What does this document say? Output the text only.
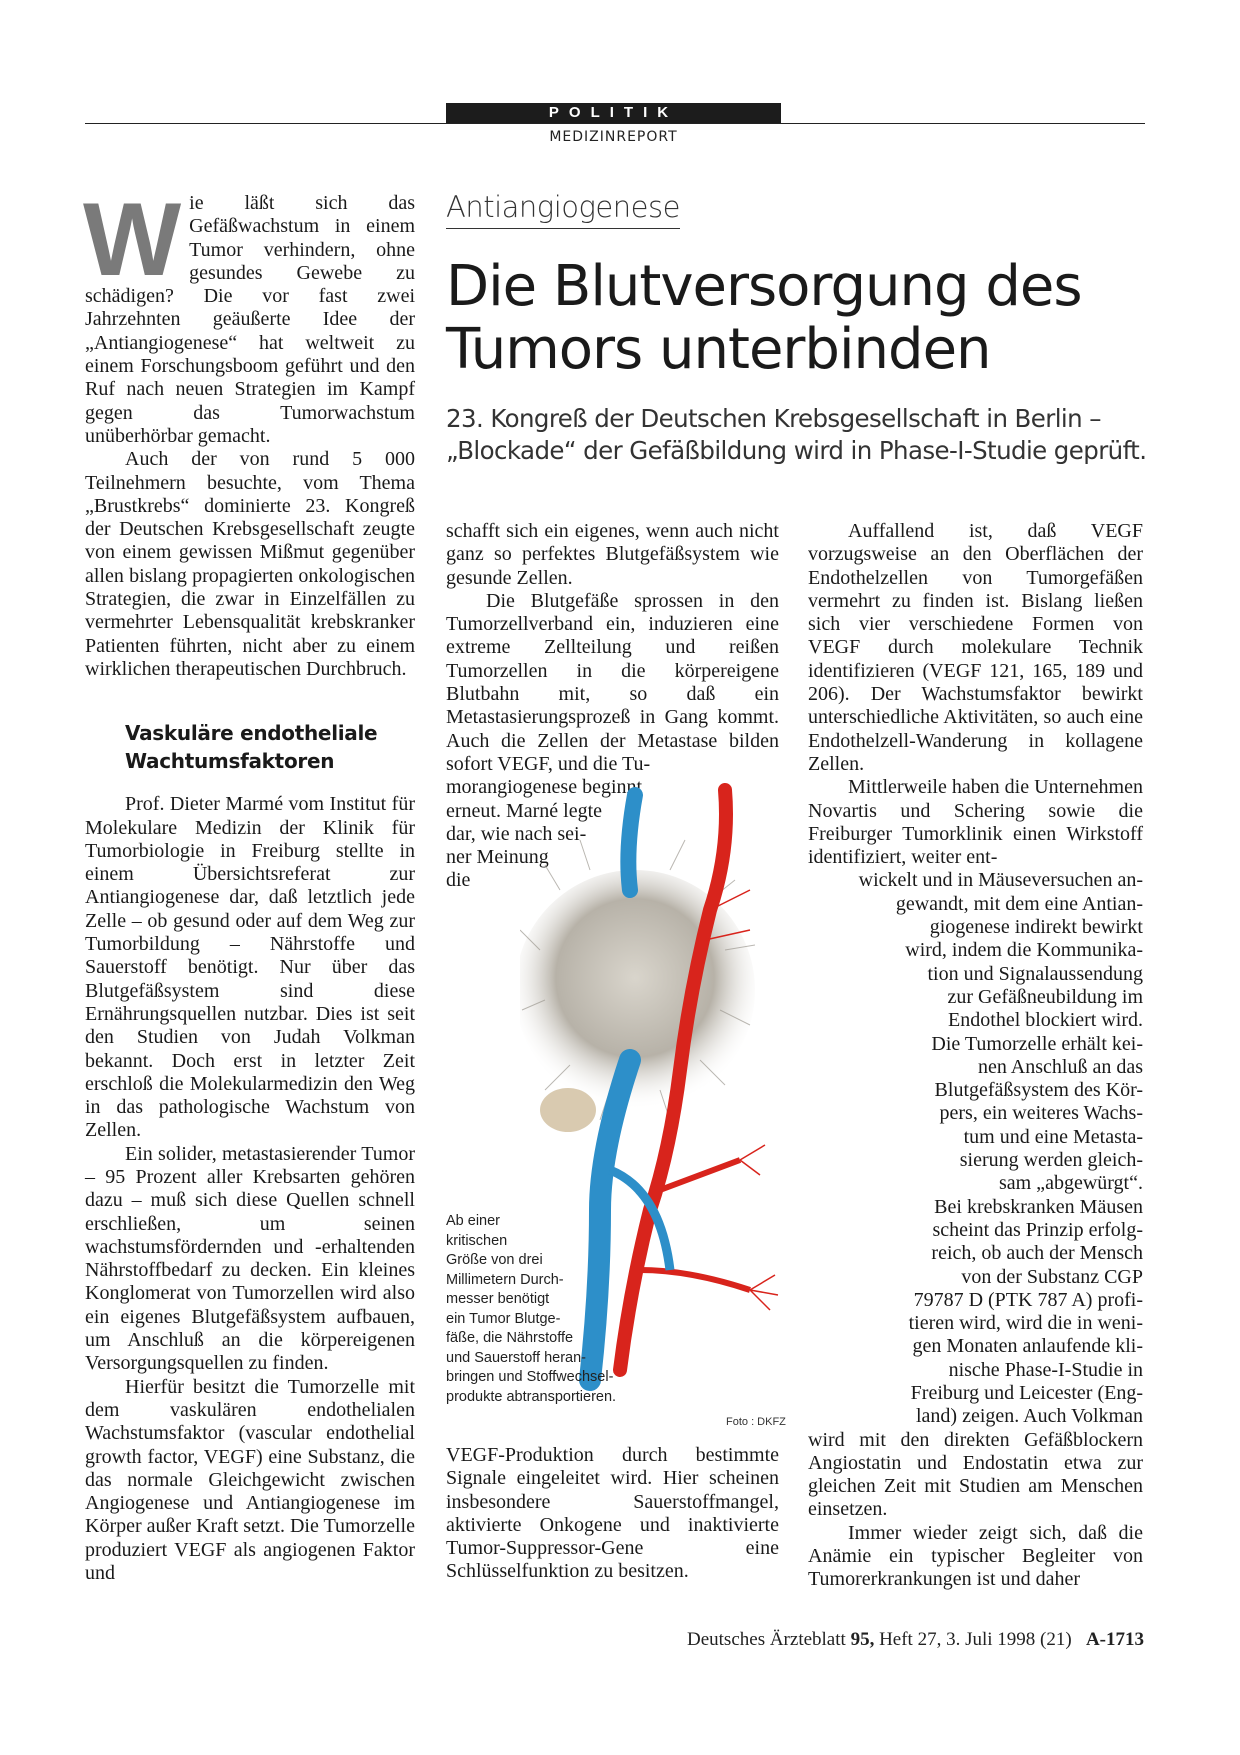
POLITIK
MEDIZINREPORT
Antiangiogenese
Die Blutversorgung des
Tumors unterbinden
23. Kongreß der Deutschen Krebsgesellschaft in Berlin –
„Blockade“ der Gefäßbildung wird in Phase-I-Studie geprüft.

Wie läßt sich das Gefäßwachstum in einem Tumor verhindern, ohne gesundes Gewebe zu schädigen? Die vor fast zwei Jahrzehnten geäußerte Idee der „Antiangiogenese“ hat weltweit zu einem Forschungsboom geführt und den Ruf nach neuen Strategien im Kampf gegen das Tumorwachstum unüberhörbar gemacht.

Auch der von rund 5 000 Teilnehmern besuchte, vom Thema „Brustkrebs“ dominierte 23. Kongreß der Deutschen Krebsgesellschaft zeugte von einem gewissen Mißmut gegenüber allen bislang propagierten onkologischen Strategien, die zwar in Einzelfällen zu vermehrter Lebensqualität krebskranker Patienten führten, nicht aber zu einem wirklichen therapeutischen Durchbruch.

Vaskuläre endotheliale
Wachtumsfaktoren

Prof. Dieter Marmé vom Institut für Molekulare Medizin der Klinik für Tumorbiologie in Freiburg stellte in einem Übersichtsreferat zur Antiangiogenese dar, daß letztlich jede Zelle – ob gesund oder auf dem Weg zur Tumorbildung – Nährstoffe und Sauerstoff benötigt. Nur über das Blutgefäßsystem sind diese Ernährungsquellen nutzbar. Dies ist seit den Studien von Judah Volkman bekannt. Doch erst in letzter Zeit erschloß die Molekularmedizin den Weg in das pathologische Wachstum von Zellen.

Ein solider, metastasierender Tumor – 95 Prozent aller Krebsarten gehören dazu – muß sich diese Quellen schnell erschließen, um seinen wachstumsfördernden und -erhaltenden Nährstoffbedarf zu decken. Ein kleines Konglomerat von Tumorzellen wird also ein eigenes Blutgefäßsystem aufbauen, um Anschluß an die körpereigenen Versorgungsquellen zu finden.

Hierfür besitzt die Tumorzelle mit dem vaskulären endothelialen Wachstumsfaktor (vascular endothelial growth factor, VEGF) eine Substanz, die das normale Gleichgewicht zwischen Angiogenese und Antiangiogenese im Körper außer Kraft setzt. Die Tumorzelle produziert VEGF als angiogenen Faktor und

schafft sich ein eigenes, wenn auch nicht ganz so perfektes Blutgefäßsystem wie gesunde Zellen.

Die Blutgefäße sprossen in den Tumorzellverband ein, induzieren eine extreme Zellteilung und reißen Tumorzellen in die körpereigene Blutbahn mit, so daß ein Metastasierungsprozeß in Gang kommt. Auch die Zellen der Metastase bilden sofort VEGF, und die Tu-

morangiogenese beginnt
erneut. Marné legte
dar, wie nach sei-
ner Meinung
die
Ab einer
kritischen
Größe von drei
Millimetern Durch-
messer benötigt
ein Tumor Blutge-
fäße, die Nährstoffe
und Sauerstoff heran-
bringen und Stoffwechsel-
produkte abtransportieren.
Foto : DKFZ

VEGF-Produktion durch bestimmte Signale eingeleitet wird. Hier scheinen insbesondere Sauerstoffmangel, aktivierte Onkogene und inaktivierte Tumor-Suppressor-Gene eine Schlüsselfunktion zu besitzen.

Auffallend ist, daß VEGF vorzugsweise an den Oberflächen der Endothelzellen von Tumorgefäßen vermehrt zu finden ist. Bislang ließen sich vier verschiedene Formen von VEGF durch molekulare Technik identifizieren (VEGF 121, 165, 189 und 206). Der Wachstumsfaktor bewirkt unterschiedliche Aktivitäten, so auch eine Endothelzell-Wanderung in kollagene Zellen.

Mittlerweile haben die Unternehmen Novartis und Schering sowie die Freiburger Tumorklinik einen Wirkstoff identifiziert, weiter ent-

wickelt und in Mäuseversuchen an-
gewandt, mit dem eine Antian-
giogenese indirekt bewirkt
wird, indem die Kommunika-
tion und Signalaussendung
zur Gefäßneubildung im
Endothel blockiert wird.
Die Tumorzelle erhält kei-
nen Anschluß an das
Blutgefäßsystem des Kör-
pers, ein weiteres Wachs-
tum und eine Metasta-
sierung werden gleich-
sam „abgewürgt“.
Bei krebskranken Mäusen
scheint das Prinzip erfolg-
reich, ob auch der Mensch
von der Substanz CGP
79787 D (PTK 787 A) profi-
tieren wird, wird die in weni-
gen Monaten anlaufende kli-
nische Phase-I-Studie in
Freiburg und Leicester (Eng-
land) zeigen. Auch Volkman

wird mit den direkten Gefäßblockern Angiostatin und Endostatin etwa zur gleichen Zeit mit Studien am Menschen einsetzen.

Immer wieder zeigt sich, daß die Anämie ein typischer Begleiter von Tumorerkrankungen ist und daher

Deutsches Ärzteblatt 95, Heft 27, 3. Juli 1998 (21) A-1713
